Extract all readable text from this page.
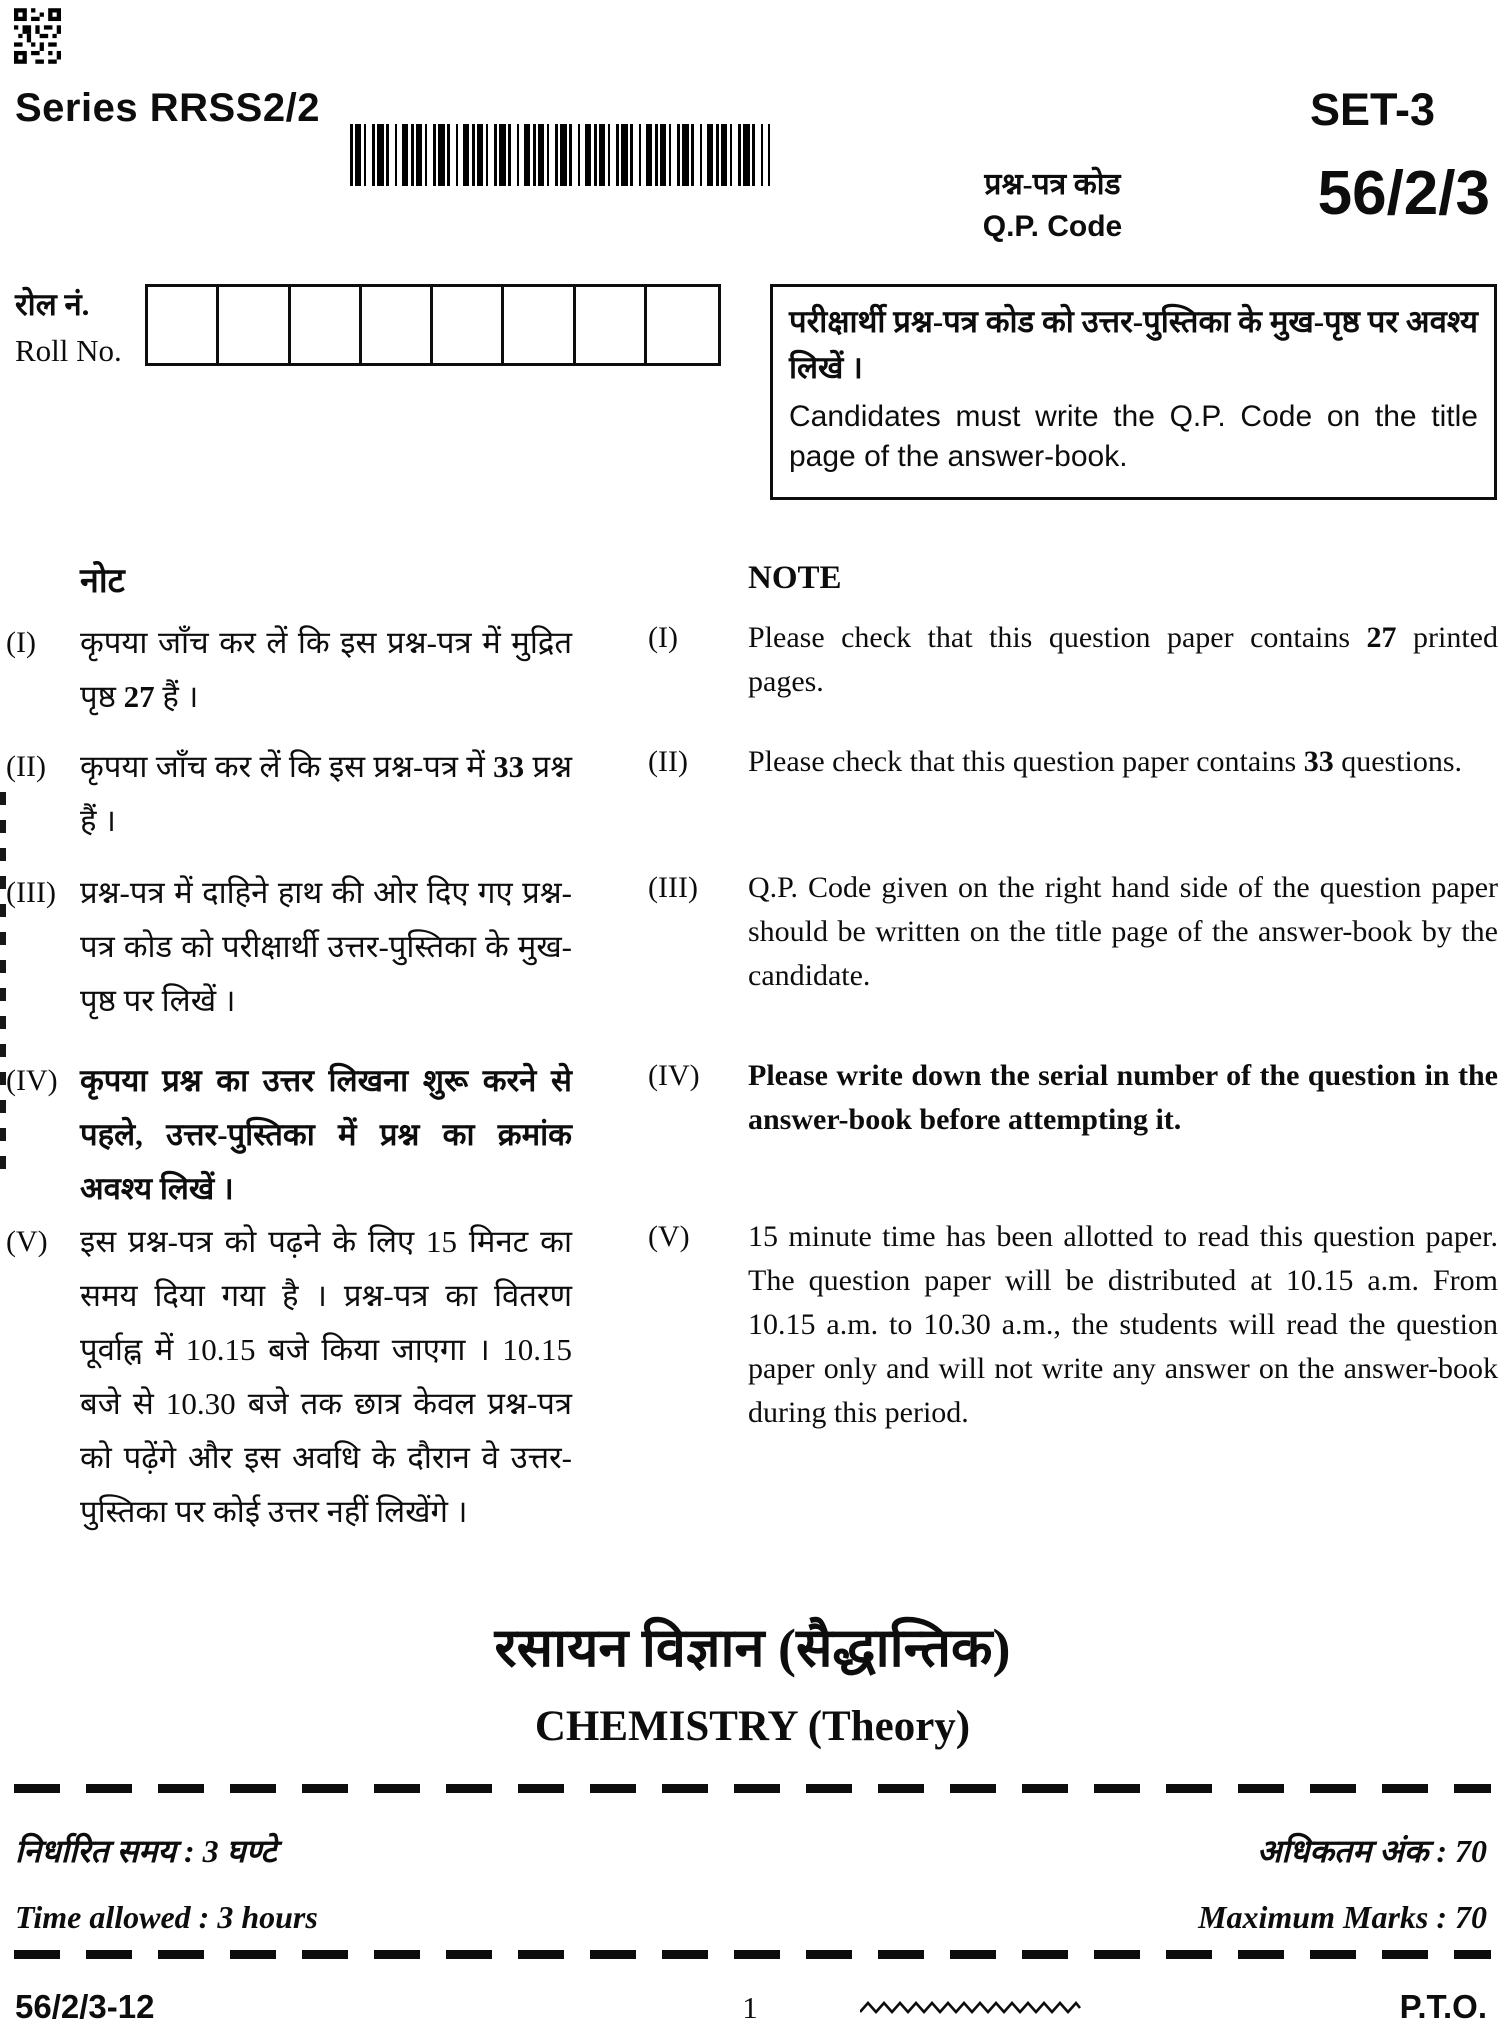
Series RRSS2/2
प्रश्न-पत्र कोड
Q.P. Code
SET-3
56/2/3
रोल नं.
Roll No.
परीक्षार्थी प्रश्न-पत्र कोड को उत्तर-पुस्तिका के मुख-पृष्ठ पर अवश्य लिखें ।
Candidates must write the Q.P. Code on the title page of the answer-book.
नोट	NOTE
(I)	कृपया जाँच कर लें कि इस प्रश्न-पत्र में मुद्रित पृष्ठ 27 हैं ।
(I)	Please check that this question paper contains 27 printed pages.
(II)	कृपया जाँच कर लें कि इस प्रश्न-पत्र में 33 प्रश्न हैं ।
(II)	Please check that this question paper contains 33 questions.
(III) प्रश्न-पत्र में दाहिने हाथ की ओर दिए गए प्रश्न-पत्र कोड को परीक्षार्थी उत्तर-पुस्तिका के मुख-पृष्ठ पर लिखें ।
(III)	Q.P. Code given on the right hand side of the question paper should be written on the title page of the answer-book by the candidate.
(IV) कृपया प्रश्न का उत्तर लिखना शुरू करने से पहले, उत्तर-पुस्तिका में प्रश्न का क्रमांक अवश्य लिखें ।
(IV)	Please write down the serial number of the question in the answer-book before attempting it.
(V)	इस प्रश्न-पत्र को पढ़ने के लिए 15 मिनट का समय दिया गया है । प्रश्न-पत्र का वितरण पूर्वाह्न में 10.15 बजे किया जाएगा । 10.15 बजे से 10.30 बजे तक छात्र केवल प्रश्न-पत्र को पढ़ेंगे और इस अवधि के दौरान वे उत्तर-पुस्तिका पर कोई उत्तर नहीं लिखेंगे ।
(V)	15 minute time has been allotted to read this question paper. The question paper will be distributed at 10.15 a.m. From 10.15 a.m. to 10.30 a.m., the students will read the question paper only and will not write any answer on the answer-book during this period.
रसायन विज्ञान (सैद्धान्तिक)
CHEMISTRY (Theory)
निर्धारित समय : 3 घण्टे
Time allowed : 3 hours
अधिकतम अंक : 70
Maximum Marks : 70
56/2/3-12	1	P.T.O.
